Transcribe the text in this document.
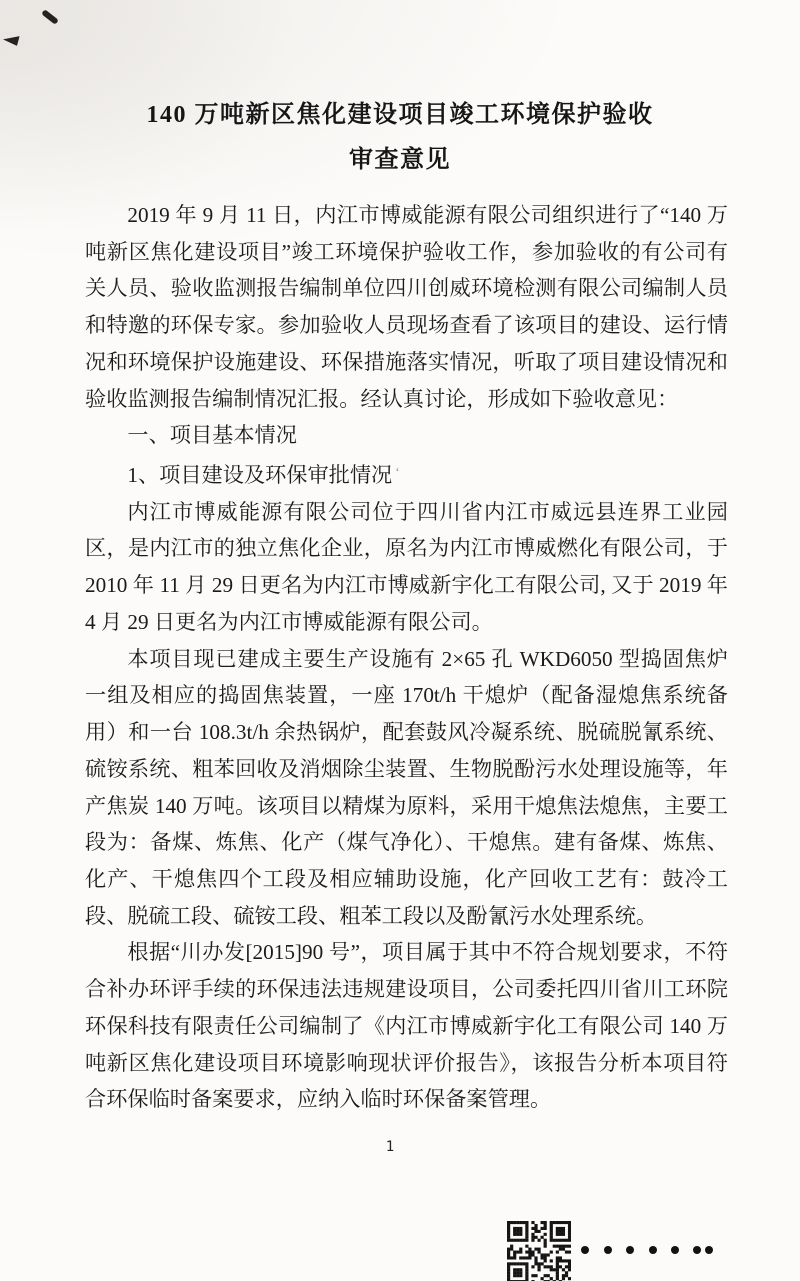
140 万吨新区焦化建设项目竣工环境保护验收
审查意见

2019 年 9 月 11 日，内江市博威能源有限公司组织进行了“140 万吨新区焦化建设项目”竣工环境保护验收工作，参加验收的有公司有关人员、验收监测报告编制单位四川创威环境检测有限公司编制人员和特邀的环保专家。参加验收人员现场查看了该项目的建设、运行情况和环境保护设施建设、环保措施落实情况，听取了项目建设情况和验收监测报告编制情况汇报。经认真讨论，形成如下验收意见：

一、项目基本情况

1、项目建设及环保审批情况 $^ʻ$

内江市博威能源有限公司位于四川省内江市威远县连界工业园区，是内江市的独立焦化企业，原名为内江市博威燃化有限公司，于 2010 年 11 月 29 日更名为内江市博威新宇化工有限公司, 又于 2019 年 4 月 29 日更名为内江市博威能源有限公司。

本项目现已建成主要生产设施有 2×65 孔 WKD6050 型捣固焦炉一组及相应的捣固焦装置，一座 170t/h 干熄炉（配备湿熄焦系统备用）和一台 108.3t/h 余热锅炉，配套鼓风冷凝系统、脱硫脱氰系统、硫铵系统、粗苯回收及消烟除尘装置、生物脱酚污水处理设施等，年产焦炭 140 万吨。该项目以精煤为原料，采用干熄焦法熄焦，主要工段为：备煤、炼焦、化产（煤气净化）、干熄焦。建有备煤、炼焦、化产、干熄焦四个工段及相应辅助设施，化产回收工艺有：鼓冷工段、脱硫工段、硫铵工段、粗苯工段以及酚氰污水处理系统。

根据“川办发[2015]90 号”，项目属于其中不符合规划要求，不符合补办环评手续的环保违法违规建设项目，公司委托四川省川工环院环保科技有限责任公司编制了《内江市博威新宇化工有限公司 140 万吨新区焦化建设项目环境影响现状评价报告》，该报告分析本项目符合环保临时备案要求，应纳入临时环保备案管理。

1
